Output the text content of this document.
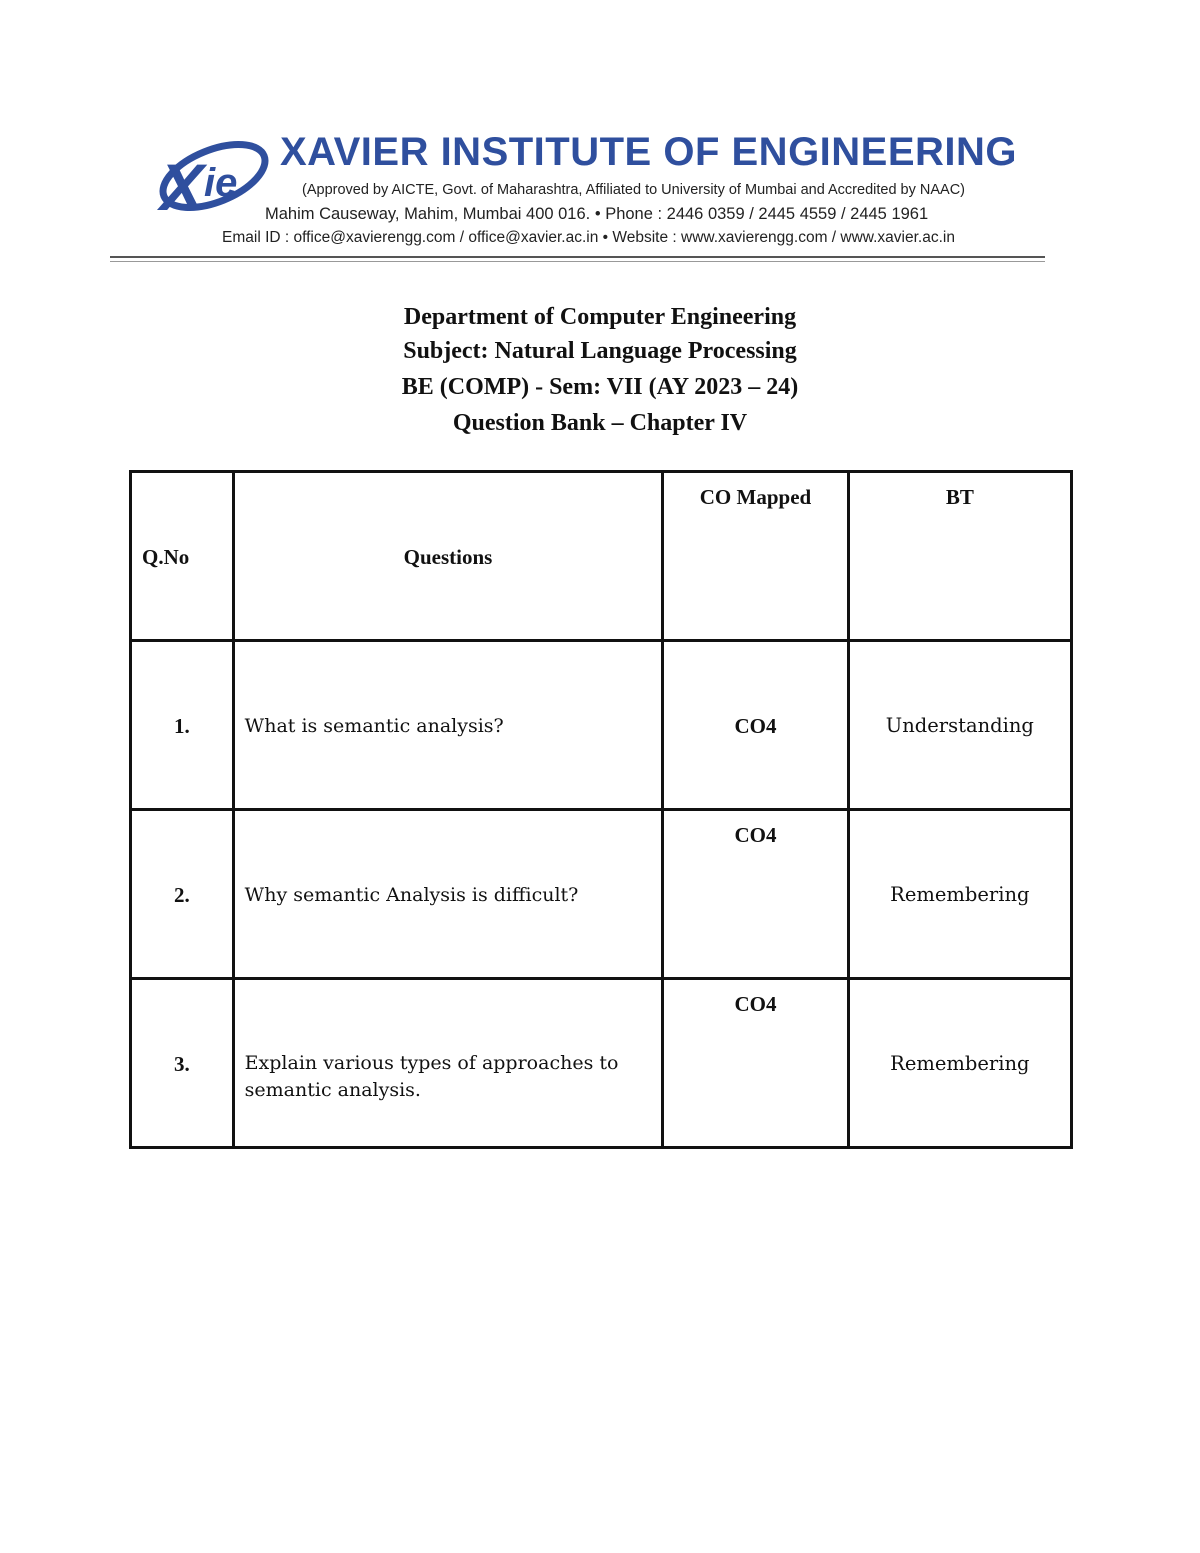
X ie
XAVIER INSTITUTE OF ENGINEERING
(Approved by AICTE, Govt. of Maharashtra, Affiliated to University of Mumbai and Accredited by NAAC)
Mahim Causeway, Mahim, Mumbai 400 016. • Phone : 2446 0359 / 2445 4559 / 2445 1961
Email ID : office@xavierengg.com / office@xavier.ac.in • Website : www.xavierengg.com / www.xavier.ac.in
Department of Computer Engineering
Subject: Natural Language Processing
BE (COMP) - Sem: VII (AY 2023 – 24)
Question Bank – Chapter IV
Q.No	Questions	CO Mapped	BT

1.	What is semantic analysis?	CO4	Understanding

2.	Why semantic Analysis is difficult?	CO4	Remembering

3.	Explain various types of approaches to semantic analysis.	CO4	Remembering
